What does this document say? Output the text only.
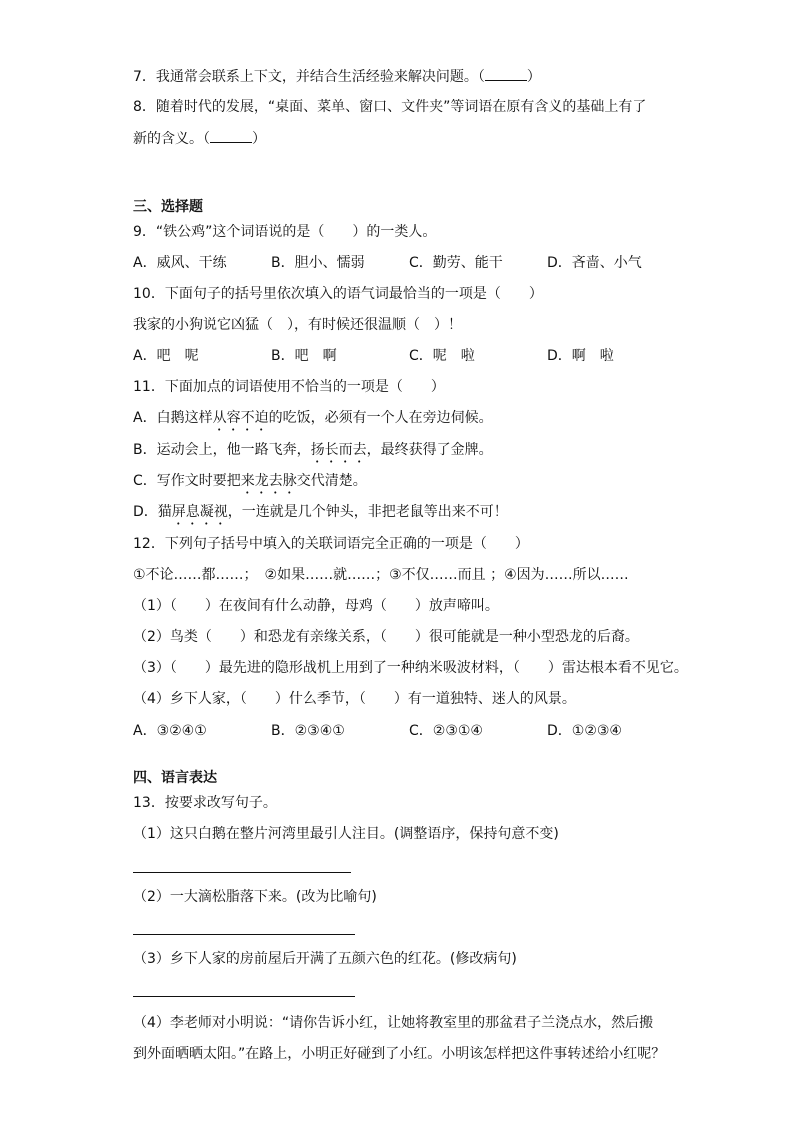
7．我通常会联系上下文，并结合生活经验来解决问题。（	）
8．随着时代的发展，“桌面、菜单、窗口、文件夹”等词语在原有含义的基础上有了
新的含义。（	）
三、选择题
9．“铁公鸡”这个词语说的是（　　）的一类人。
A．威风、干练	B．胆小、懦弱	C．勤劳、能干	D．吝啬、小气
10．下面句子的括号里依次填入的语气词最恰当的一项是（　　）
我家的小狗说它凶猛（　），有时候还很温顺（　）！
A．吧　呢	B．吧　啊	C．呢　啦	D．啊　啦
11．下面加点的词语使用不恰当的一项是（　　）
A．白鹅这样从容不迫的吃饭，必须有一个人在旁边伺候。
B．运动会上，他一路飞奔，扬长而去，最终获得了金牌。
C．写作文时要把来龙去脉交代清楚。
D．猫屏息凝视，一连就是几个钟头，非把老鼠等出来不可！
12．下列句子括号中填入的关联词语完全正确的一项是（　　）
①不论……都……；　②如果……就……；③不仅……而且 ；④因为……所以……
（1）（　　）在夜间有什么动静，母鸡（　　）放声啼叫。
（2）鸟类（　　）和恐龙有亲缘关系，（　　）很可能就是一种小型恐龙的后裔。
（3）（　　）最先进的隐形战机上用到了一种纳米吸波材料，（　　）雷达根本看不见它。
（4）乡下人家，（　　）什么季节，（　　）有一道独特、迷人的风景。
A．③②④①	B．②③④①	C．②③①④	D．①②③④
四、语言表达
13．按要求改写句子。
（1）这只白鹅在整片河湾里最引人注目。(调整语序，保持句意不变)
（2）一大滴松脂落下来。(改为比喻句)
（3）乡下人家的房前屋后开满了五颜六色的红花。(修改病句)
（4）李老师对小明说：“请你告诉小红，让她将教室里的那盆君子兰浇点水，然后搬
到外面晒晒太阳。”在路上，小明正好碰到了小红。小明该怎样把这件事转述给小红呢？
